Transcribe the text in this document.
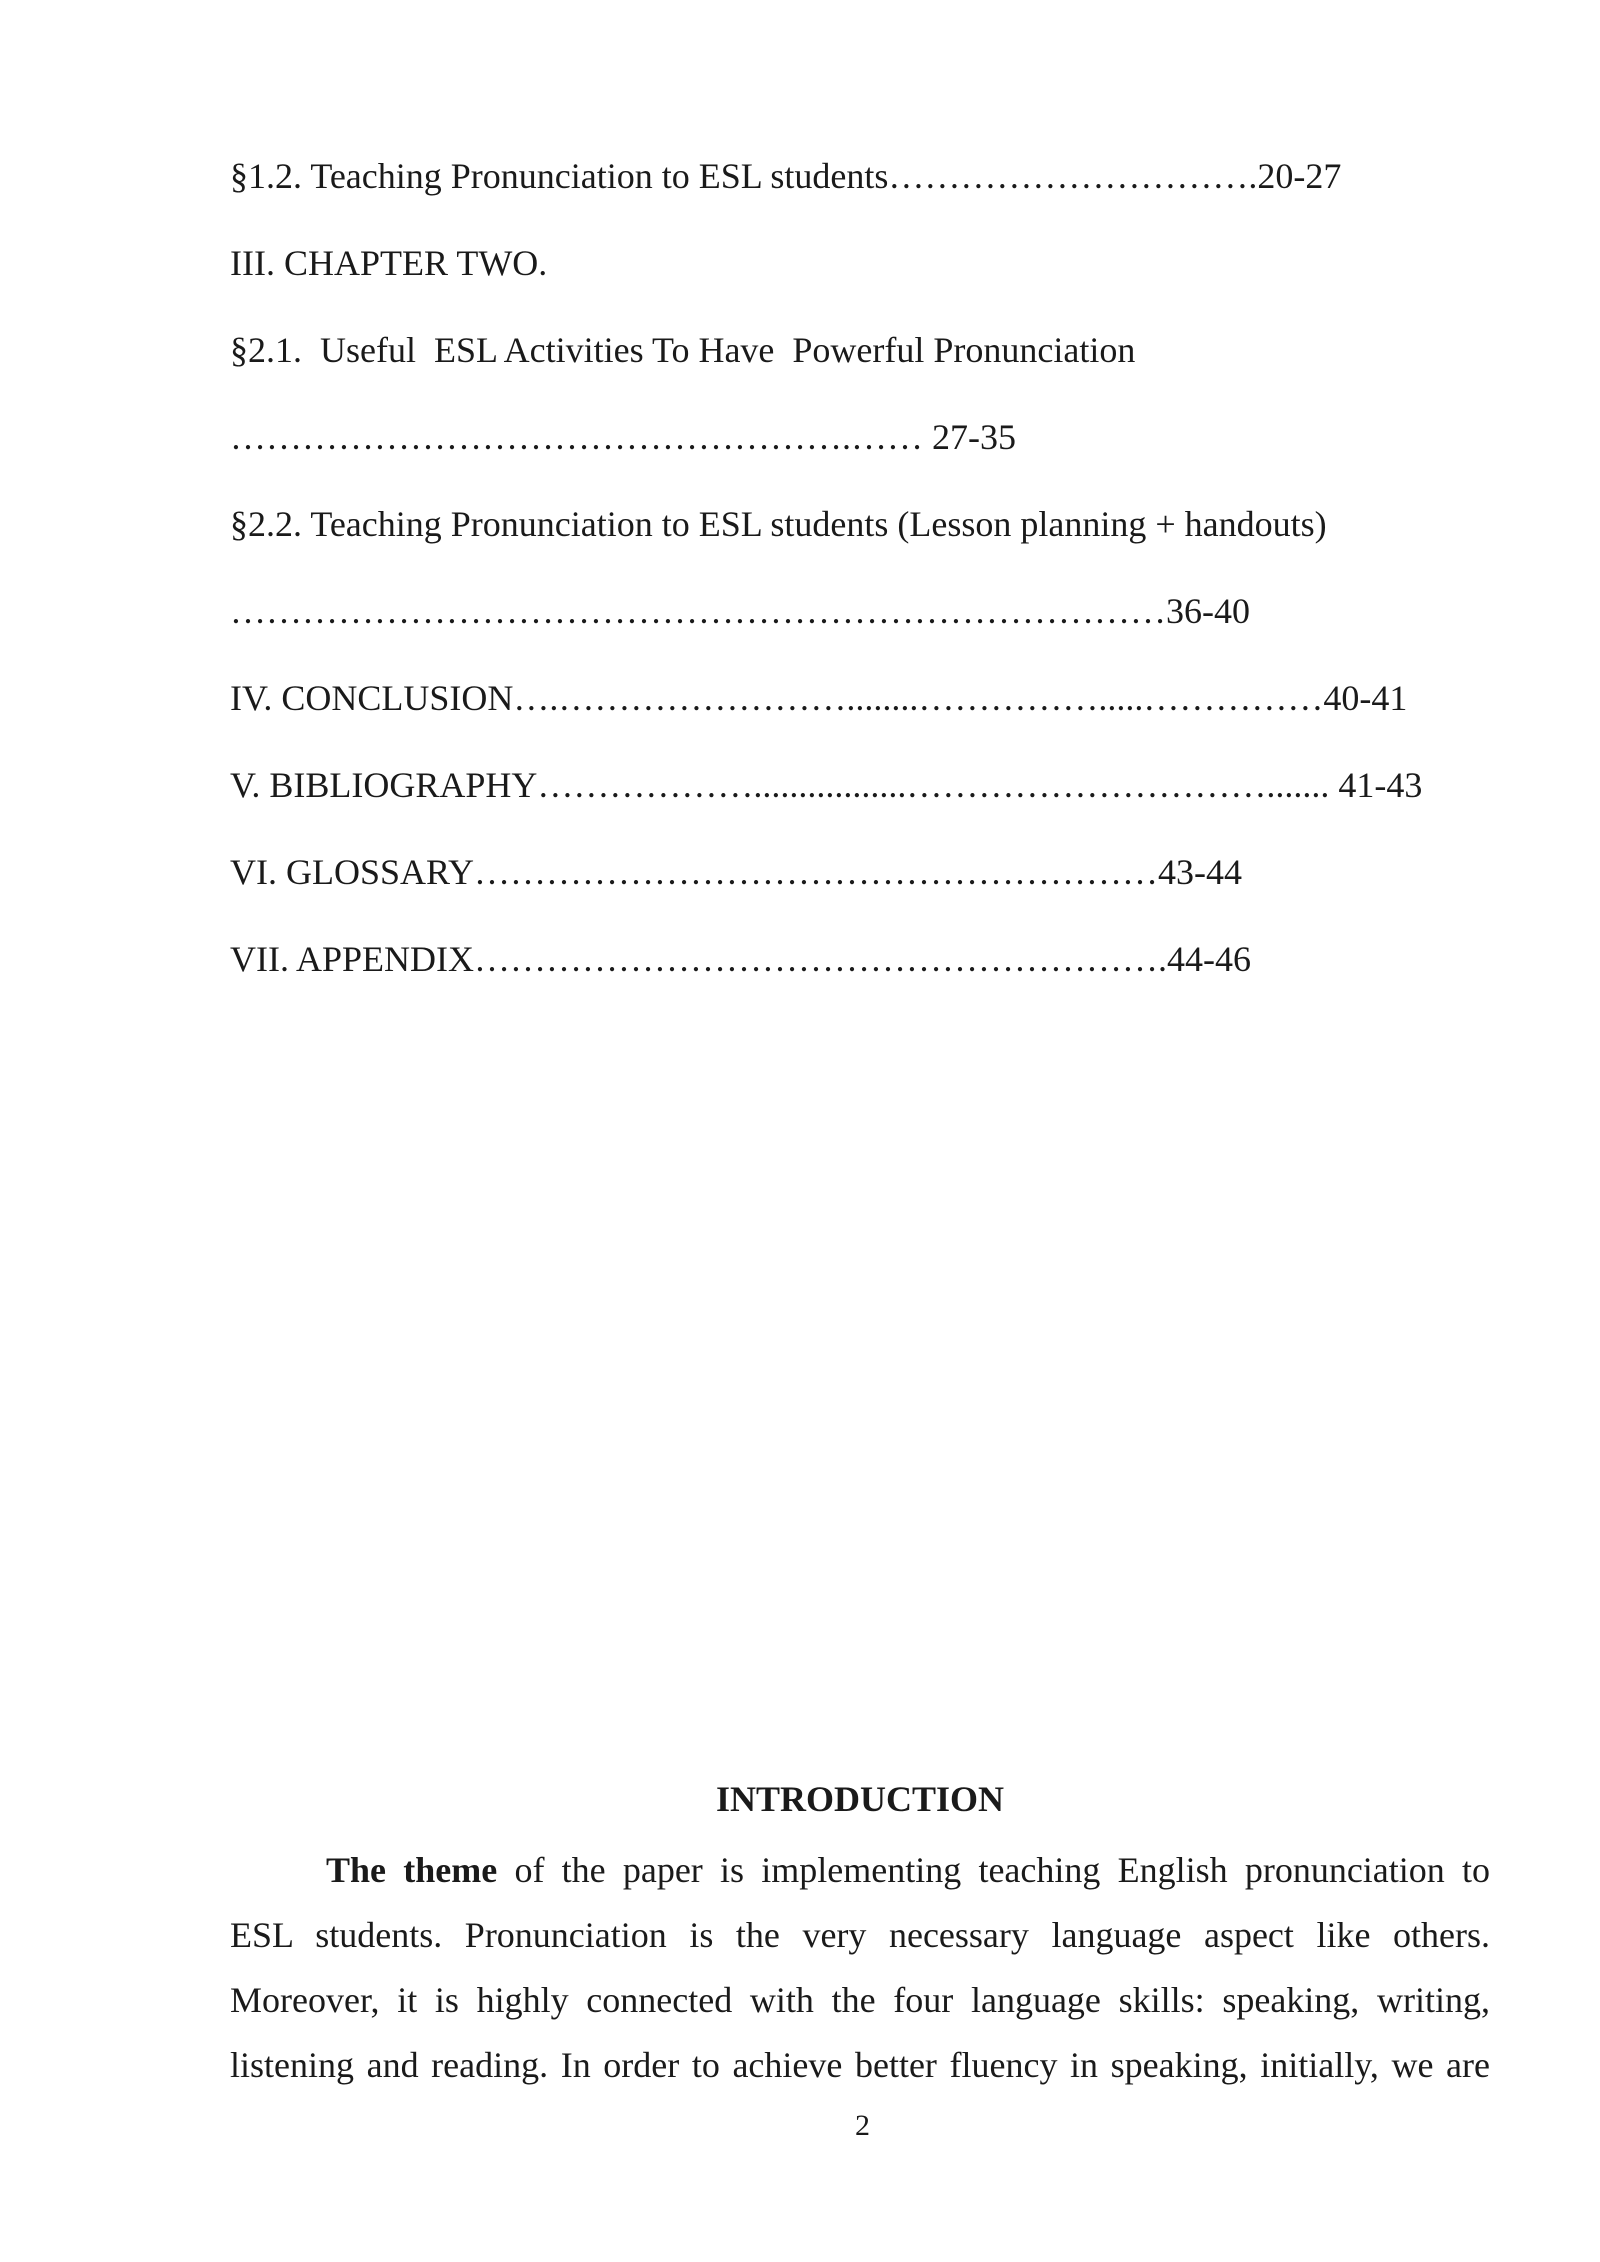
§1.2. Teaching Pronunciation to ESL students………………………….20-27
III. CHAPTER TWO.
§2.1.  Useful  ESL Activities To Have  Powerful Pronunciation
…………………………………………….…… 27-35
§2.2. Teaching Pronunciation to ESL students (Lesson planning + handouts)
……………………………………………………………………36-40
IV. CONCLUSION….……………………........…………….....……………40-41
V. BIBLIOGRAPHY……………….................…………………………....... 41-43
VI. GLOSSARY…………………………………………………43-44
VII. APPENDIX………………………………………………….44-46
INTRODUCTION
The theme of the paper is implementing teaching English pronunciation to
ESL students. Pronunciation is the very necessary language aspect like others.
Moreover, it is highly connected with the four language skills: speaking, writing,
listening and reading. In order to achieve better fluency in speaking, initially, we are
2
